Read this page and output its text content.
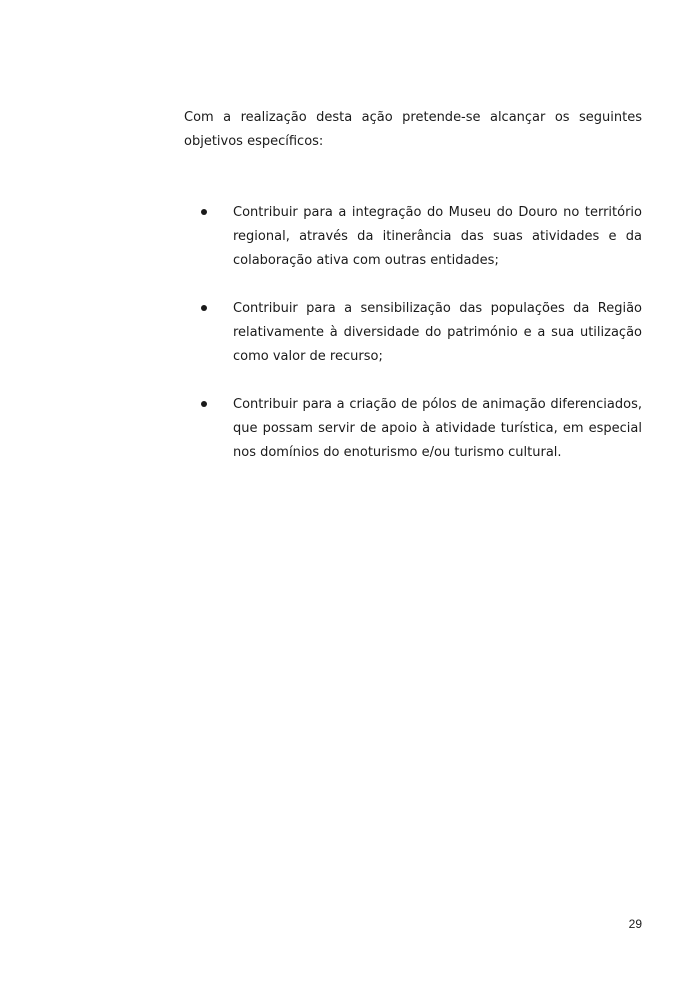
Com a realização desta ação pretende-se alcançar os seguintes objetivos específicos:

Contribuir para a integração do Museu do Douro no território regional, através da itinerância das suas atividades e da colaboração ativa com outras entidades;
Contribuir para a sensibilização das populações da Região relativamente à diversidade do património e a sua utilização como valor de recurso;
Contribuir para a criação de pólos de animação diferenciados, que possam servir de apoio à atividade turística, em especial nos domínios do enoturismo e/ou turismo cultural.
29
